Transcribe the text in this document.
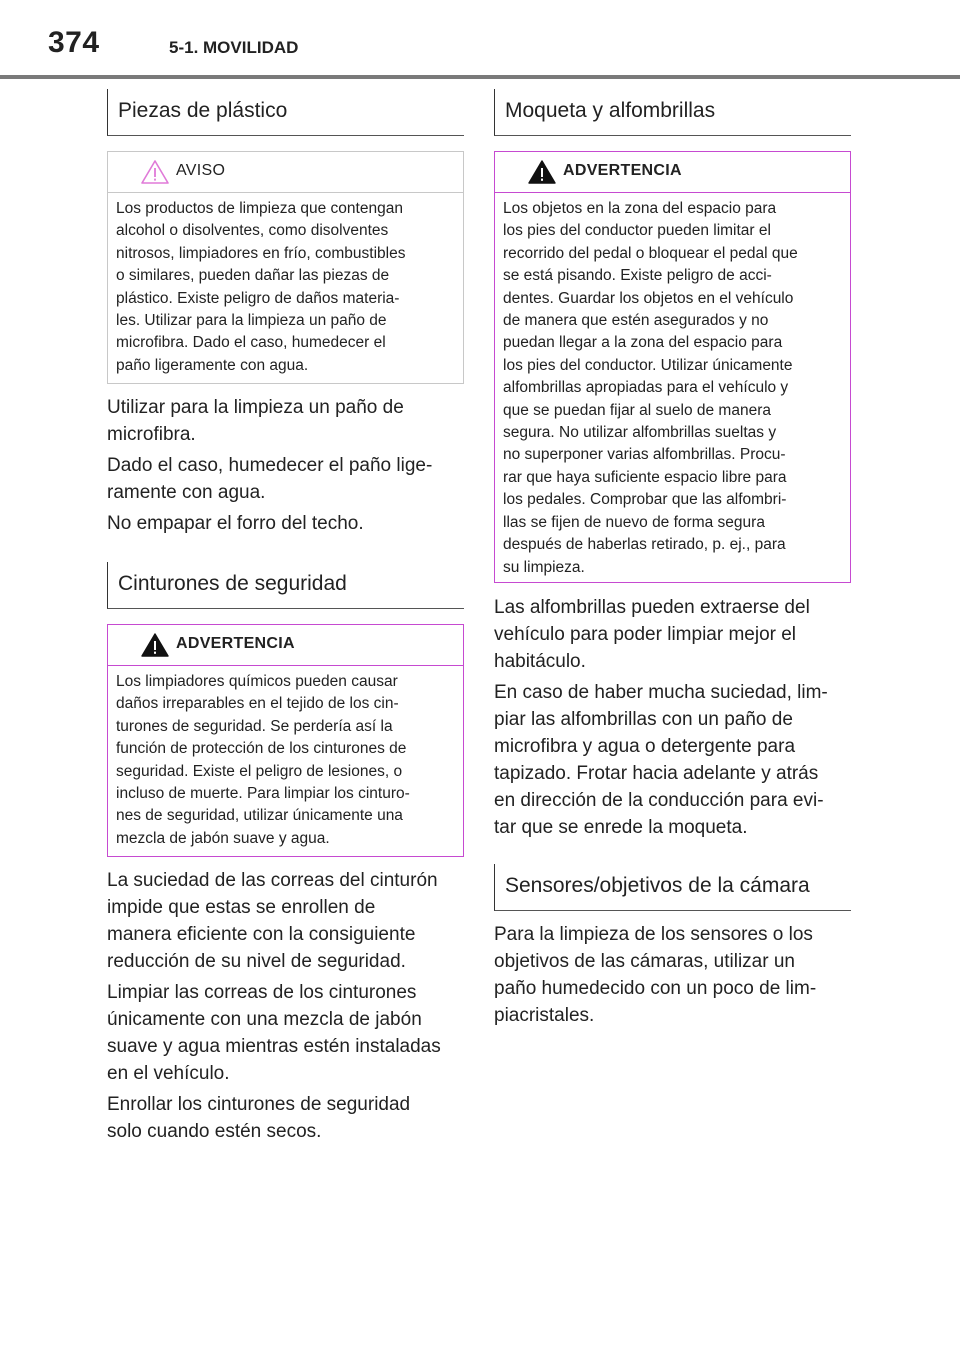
374	5-1. MOVILIDAD
Piezas de plástico
AVISO
Los productos de limpieza que contengan
alcohol o disolventes, como disolventes
nitrosos, limpiadores en frío, combustibles
o similares, pueden dañar las piezas de
plástico. Existe peligro de daños materia-
les. Utilizar para la limpieza un paño de
microfibra. Dado el caso, humedecer el
paño ligeramente con agua.
Utilizar para la limpieza un paño de
microfibra.
Dado el caso, humedecer el paño lige-
ramente con agua.
No empapar el forro del techo.
Cinturones de seguridad
ADVERTENCIA
Los limpiadores químicos pueden causar
daños irreparables en el tejido de los cin-
turones de seguridad. Se perdería así la
función de protección de los cinturones de
seguridad. Existe el peligro de lesiones, o
incluso de muerte. Para limpiar los cinturo-
nes de seguridad, utilizar únicamente una
mezcla de jabón suave y agua.
La suciedad de las correas del cinturón
impide que estas se enrollen de
manera eficiente con la consiguiente
reducción de su nivel de seguridad.
Limpiar las correas de los cinturones
únicamente con una mezcla de jabón
suave y agua mientras estén instaladas
en el vehículo.
Enrollar los cinturones de seguridad
solo cuando estén secos.
Moqueta y alfombrillas
ADVERTENCIA
Los objetos en la zona del espacio para
los pies del conductor pueden limitar el
recorrido del pedal o bloquear el pedal que
se está pisando. Existe peligro de acci-
dentes. Guardar los objetos en el vehículo
de manera que estén asegurados y no
puedan llegar a la zona del espacio para
los pies del conductor. Utilizar únicamente
alfombrillas apropiadas para el vehículo y
que se puedan fijar al suelo de manera
segura. No utilizar alfombrillas sueltas y
no superponer varias alfombrillas. Procu-
rar que haya suficiente espacio libre para
los pedales. Comprobar que las alfombri-
llas se fijen de nuevo de forma segura
después de haberlas retirado, p. ej., para
su limpieza.
Las alfombrillas pueden extraerse del
vehículo para poder limpiar mejor el
habitáculo.
En caso de haber mucha suciedad, lim-
piar las alfombrillas con un paño de
microfibra y agua o detergente para
tapizado. Frotar hacia adelante y atrás
en dirección de la conducción para evi-
tar que se enrede la moqueta.
Sensores/objetivos de la cámara
Para la limpieza de los sensores o los
objetivos de las cámaras, utilizar un
paño humedecido con un poco de lim-
piacristales.
